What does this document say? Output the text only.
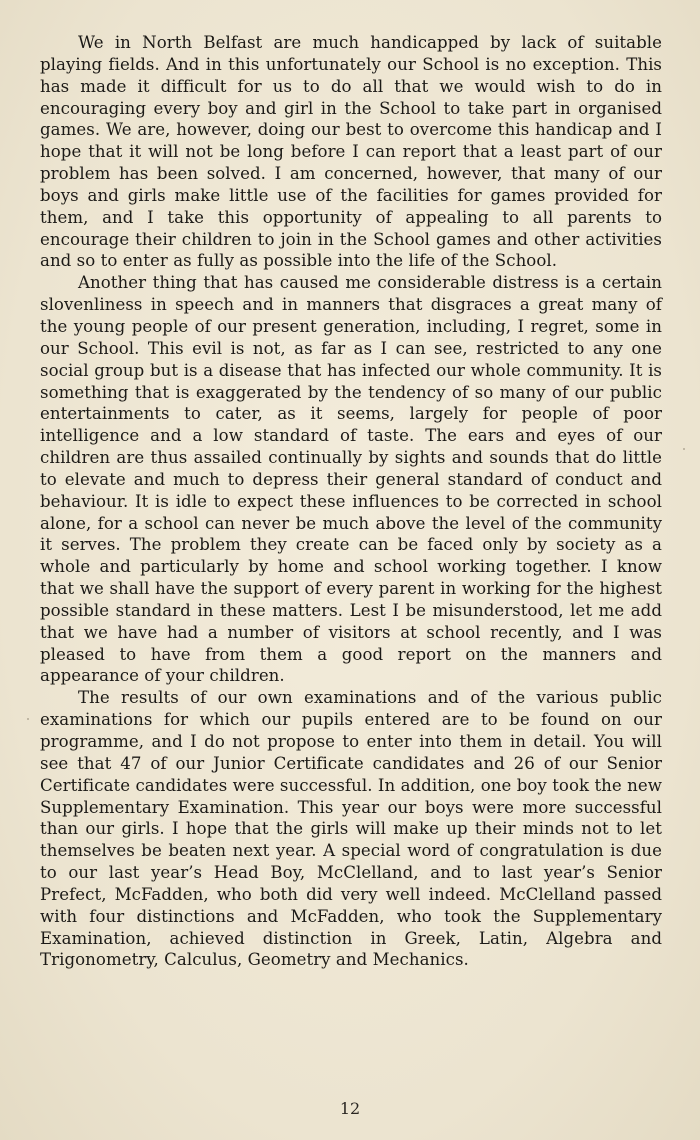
We in North Belfast are much handicapped by lack of suitable playing fields. And in this unfortunately our School is no exception. This has made it difficult for us to do all that we would wish to do in encouraging every boy and girl in the School to take part in organised games. We are, however, doing our best to overcome this handicap and I hope that it will not be long before I can report that a least part of our problem has been solved. I am concerned, however, that many of our boys and girls make little use of the facilities for games provided for them, and I take this opportunity of appealing to all parents to encourage their children to join in the School games and other activities and so to enter as fully as possible into the life of the School.

Another thing that has caused me considerable distress is a certain slovenliness in speech and in manners that disgraces a great many of the young people of our present generation, including, I regret, some in our School. This evil is not, as far as I can see, restricted to any one social group but is a disease that has infected our whole community. It is something that is exaggerated by the tendency of so many of our public entertainments to cater, as it seems, largely for people of poor intelligence and a low standard of taste. The ears and eyes of our children are thus assailed continually by sights and sounds that do little to elevate and much to depress their general standard of conduct and behaviour. It is idle to expect these influences to be corrected in school alone, for a school can never be much above the level of the community it serves. The problem they create can be faced only by society as a whole and particularly by home and school working together. I know that we shall have the support of every parent in working for the highest possible standard in these matters. Lest I be misunderstood, let me add that we have had a number of visitors at school recently, and I was pleased to have from them a good report on the manners and appearance of your children.

The results of our own examinations and of the various public examinations for which our pupils entered are to be found on our programme, and I do not propose to enter into them in detail. You will see that 47 of our Junior Certificate candidates and 26 of our Senior Certificate candidates were successful. In addition, one boy took the new Supplementary Examination. This year our boys were more successful than our girls. I hope that the girls will make up their minds not to let themselves be beaten next year. A special word of congratulation is due to our last year’s Head Boy, McClelland, and to last year’s Senior Prefect, McFadden, who both did very well indeed. McClelland passed with four distinctions and McFadden, who took the Supplementary Examination, achieved distinction in Greek, Latin, Algebra and Trigonometry, Calculus, Geometry and Mechanics.

12
